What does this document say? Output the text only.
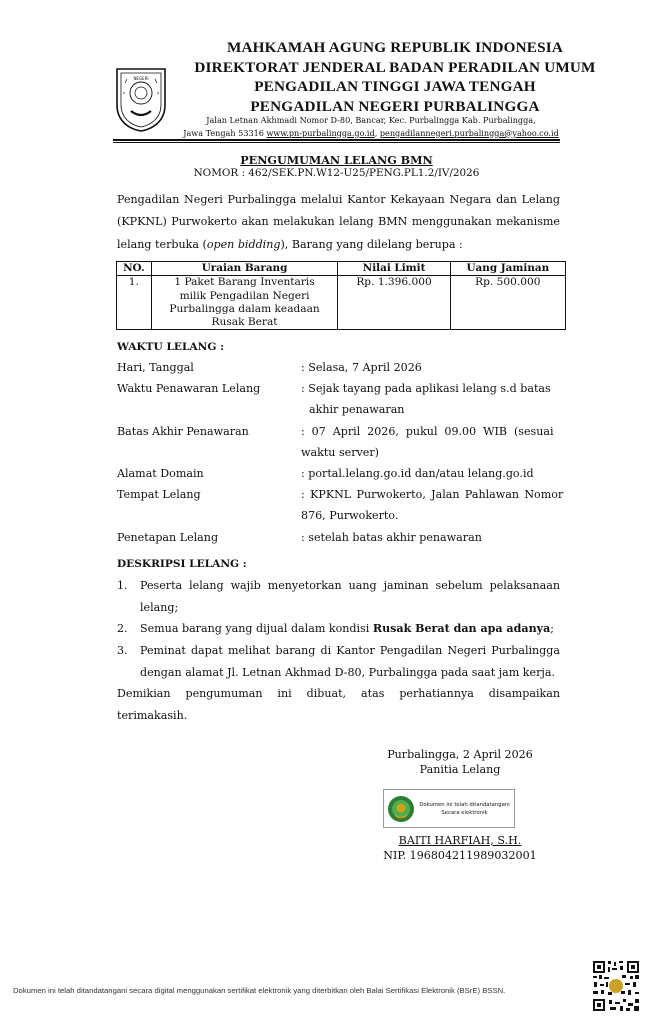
NEGERI
MAHKAMAH AGUNG REPUBLIK INDONESIA
DIREKTORAT JENDERAL BADAN PERADILAN UMUM
PENGADILAN TINGGI JAWA TENGAH
PENGADILAN NEGERI PURBALINGGA
Jalan Letnan Akhmadi Nomor D-80, Bancar, Kec. Purbalingga Kab. Purbalingga,
Jawa Tengah 53316 www.pn-purbalingga.go.id, pengadilannegeri.purbalingga@yahoo.co.id
PENGUMUMAN LELANG BMN
NOMOR : 462/SEK.PN.W12-U25/PENG.PL1.2/IV/2026
Pengadilan Negeri Purbalingga melalui Kantor Kekayaan Negara dan Lelang (KPKNL) Purwokerto akan melakukan lelang BMN menggunakan mekanisme lelang terbuka (open bidding), Barang yang dilelang berupa :
NO.	Uraian Barang	Nilai Limit	Uang Jaminan
1.	1 Paket Barang Inventaris milik Pengadilan Negeri Purbalingga dalam keadaan Rusak Berat	Rp. 1.396.000	Rp. 500.000
WAKTU LELANG :
Hari, Tanggal	: Selasa, 7 April 2026
Waktu Penawaran Lelang	: Sejak tayang pada aplikasi lelang s.d batas
akhir penawaran
Batas Akhir Penawaran	: 07 April 2026, pukul 09.00 WIB (sesuai
waktu server)
Alamat Domain	: portal.lelang.go.id dan/atau lelang.go.id
Tempat Lelang	: KPKNL Purwokerto, Jalan Pahlawan Nomor
876, Purwokerto.
Penetapan Lelang	: setelah batas akhir penawaran
DESKRIPSI LELANG :
1. Peserta lelang wajib menyetorkan uang jaminan sebelum pelaksanaan lelang;
2. Semua barang yang dijual dalam kondisi Rusak Berat dan apa adanya;
3. Peminat dapat melihat barang di Kantor Pengadilan Negeri Purbalingga dengan alamat Jl. Letnan Akhmad D-80, Purbalingga pada saat jam kerja.
Demikian pengumuman ini dibuat, atas perhatiannya disampaikan terimakasih.
Purbalingga, 2 April 2026
Panitia Lelang
Dokumen ini telah ditandatangani
Secara elektronik
BAITI HARFIAH, S.H.
NIP. 196804211989032001
Dokumen ini telah ditandatangani secara digital menggunakan sertifikat elektronik yang diterbitkan oleh Balai Sertifikasi Elektronik (BSrE) BSSN.
